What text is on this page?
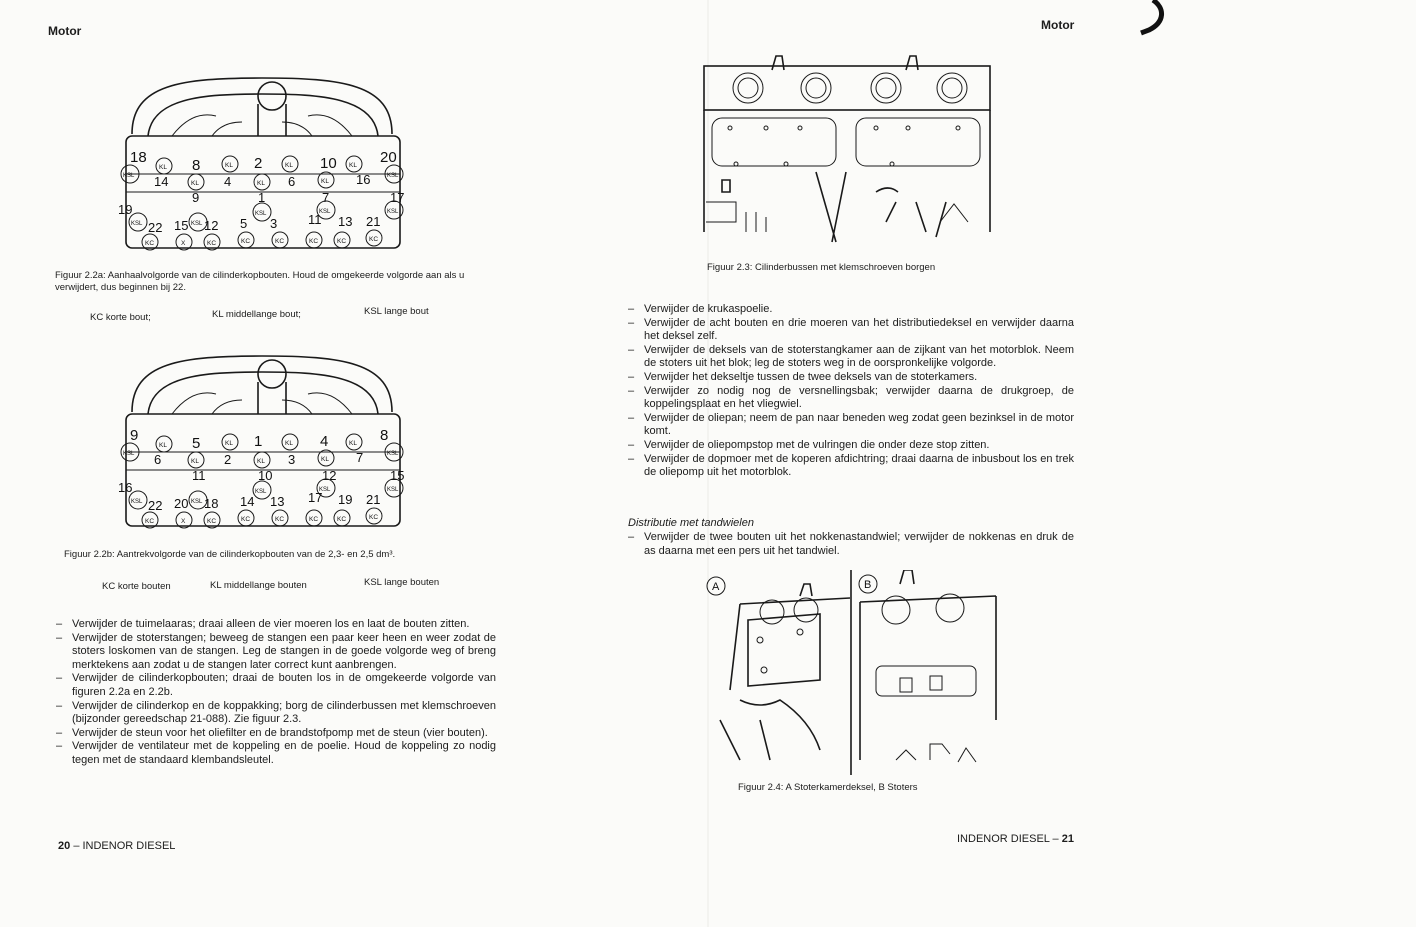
Motor	Motor
KL	KL	KL	KL
KSL	KSL
KL	KL	KL
18	8	2	10	20
14	4	6	16
19
9	1	7	17
KSL	KSL
KSL	KSL	KSL
22 15 12 5 3 11 13 21
KC	X	KC	KC	KC	KC	KC	KC
Figuur 2.2a: Aanhaalvolgorde van de cilinderkopbouten. Houd de omgekeerde volgorde aan als u verwijdert, dus beginnen bij 22.
KC korte bout;	KL middellange bout;	KSL lange bout
KL	KL	KL	KL
KSL	KSL
KL	KL	KL
9	5	1	4	8
6	2	3	7
16
11	10	12	15
KSL	KSL
KSL	KSL	KSL
22 20 18 14 13 17 19 21
KC	X	KC	KC	KC	KC	KC	KC
Figuur 2.2b: Aantrekvolgorde van de cilinderkopbouten van de 2,3- en 2,5 dm³.
KC korte bouten	KL middellange bouten	KSL lange bouten
– Verwijder de tuimelaaras; draai alleen de vier moeren los en laat de bouten zitten.
– Verwijder de stoterstangen; beweeg de stangen een paar keer heen en weer zodat de stoters loskomen van de stangen. Leg de stangen in de goede volgorde weg of breng merktekens aan zodat u de stangen later correct kunt aanbrengen.
– Verwijder de cilinderkopbouten; draai de bouten los in de omgekeerde volgorde van figuren 2.2a en 2.2b.
– Verwijder de cilinderkop en de koppakking; borg de cilinderbussen met klemschroeven (bijzonder gereedschap 21-088). Zie figuur 2.3.
– Verwijder de steun voor het oliefilter en de brandstofpomp met de steun (vier bouten).
– Verwijder de ventilateur met de koppeling en de poelie. Houd de koppeling zo nodig tegen met de standaard klembandsleutel.
20 – INDENOR DIESEL
Figuur 2.3: Cilinderbussen met klemschroeven borgen
– Verwijder de krukaspoelie.
– Verwijder de acht bouten en drie moeren van het distributiedeksel en verwijder daarna het deksel zelf.
– Verwijder de deksels van de stoterstangkamer aan de zijkant van het motorblok. Neem de stoters uit het blok; leg de stoters weg in de oorspronkelijke volgorde.
– Verwijder het dekseltje tussen de twee deksels van de stoterkamers.
– Verwijder zo nodig nog de versnellingsbak; verwijder daarna de drukgroep, de koppelingsplaat en het vliegwiel.
– Verwijder de oliepan; neem de pan naar beneden weg zodat geen bezinksel in de motor komt.
– Verwijder de oliepompstop met de vulringen die onder deze stop zitten.
– Verwijder de dopmoer met de koperen afdichtring; draai daarna de inbusbout los en trek de oliepomp uit het motorblok.
Distributie met tandwielen
– Verwijder de twee bouten uit het nokkenastandwiel; verwijder de nokkenas en druk de as daarna met een pers uit het tandwiel.
A	B
Figuur 2.4: A Stoterkamerdeksel, B Stoters
INDENOR DIESEL – 21
